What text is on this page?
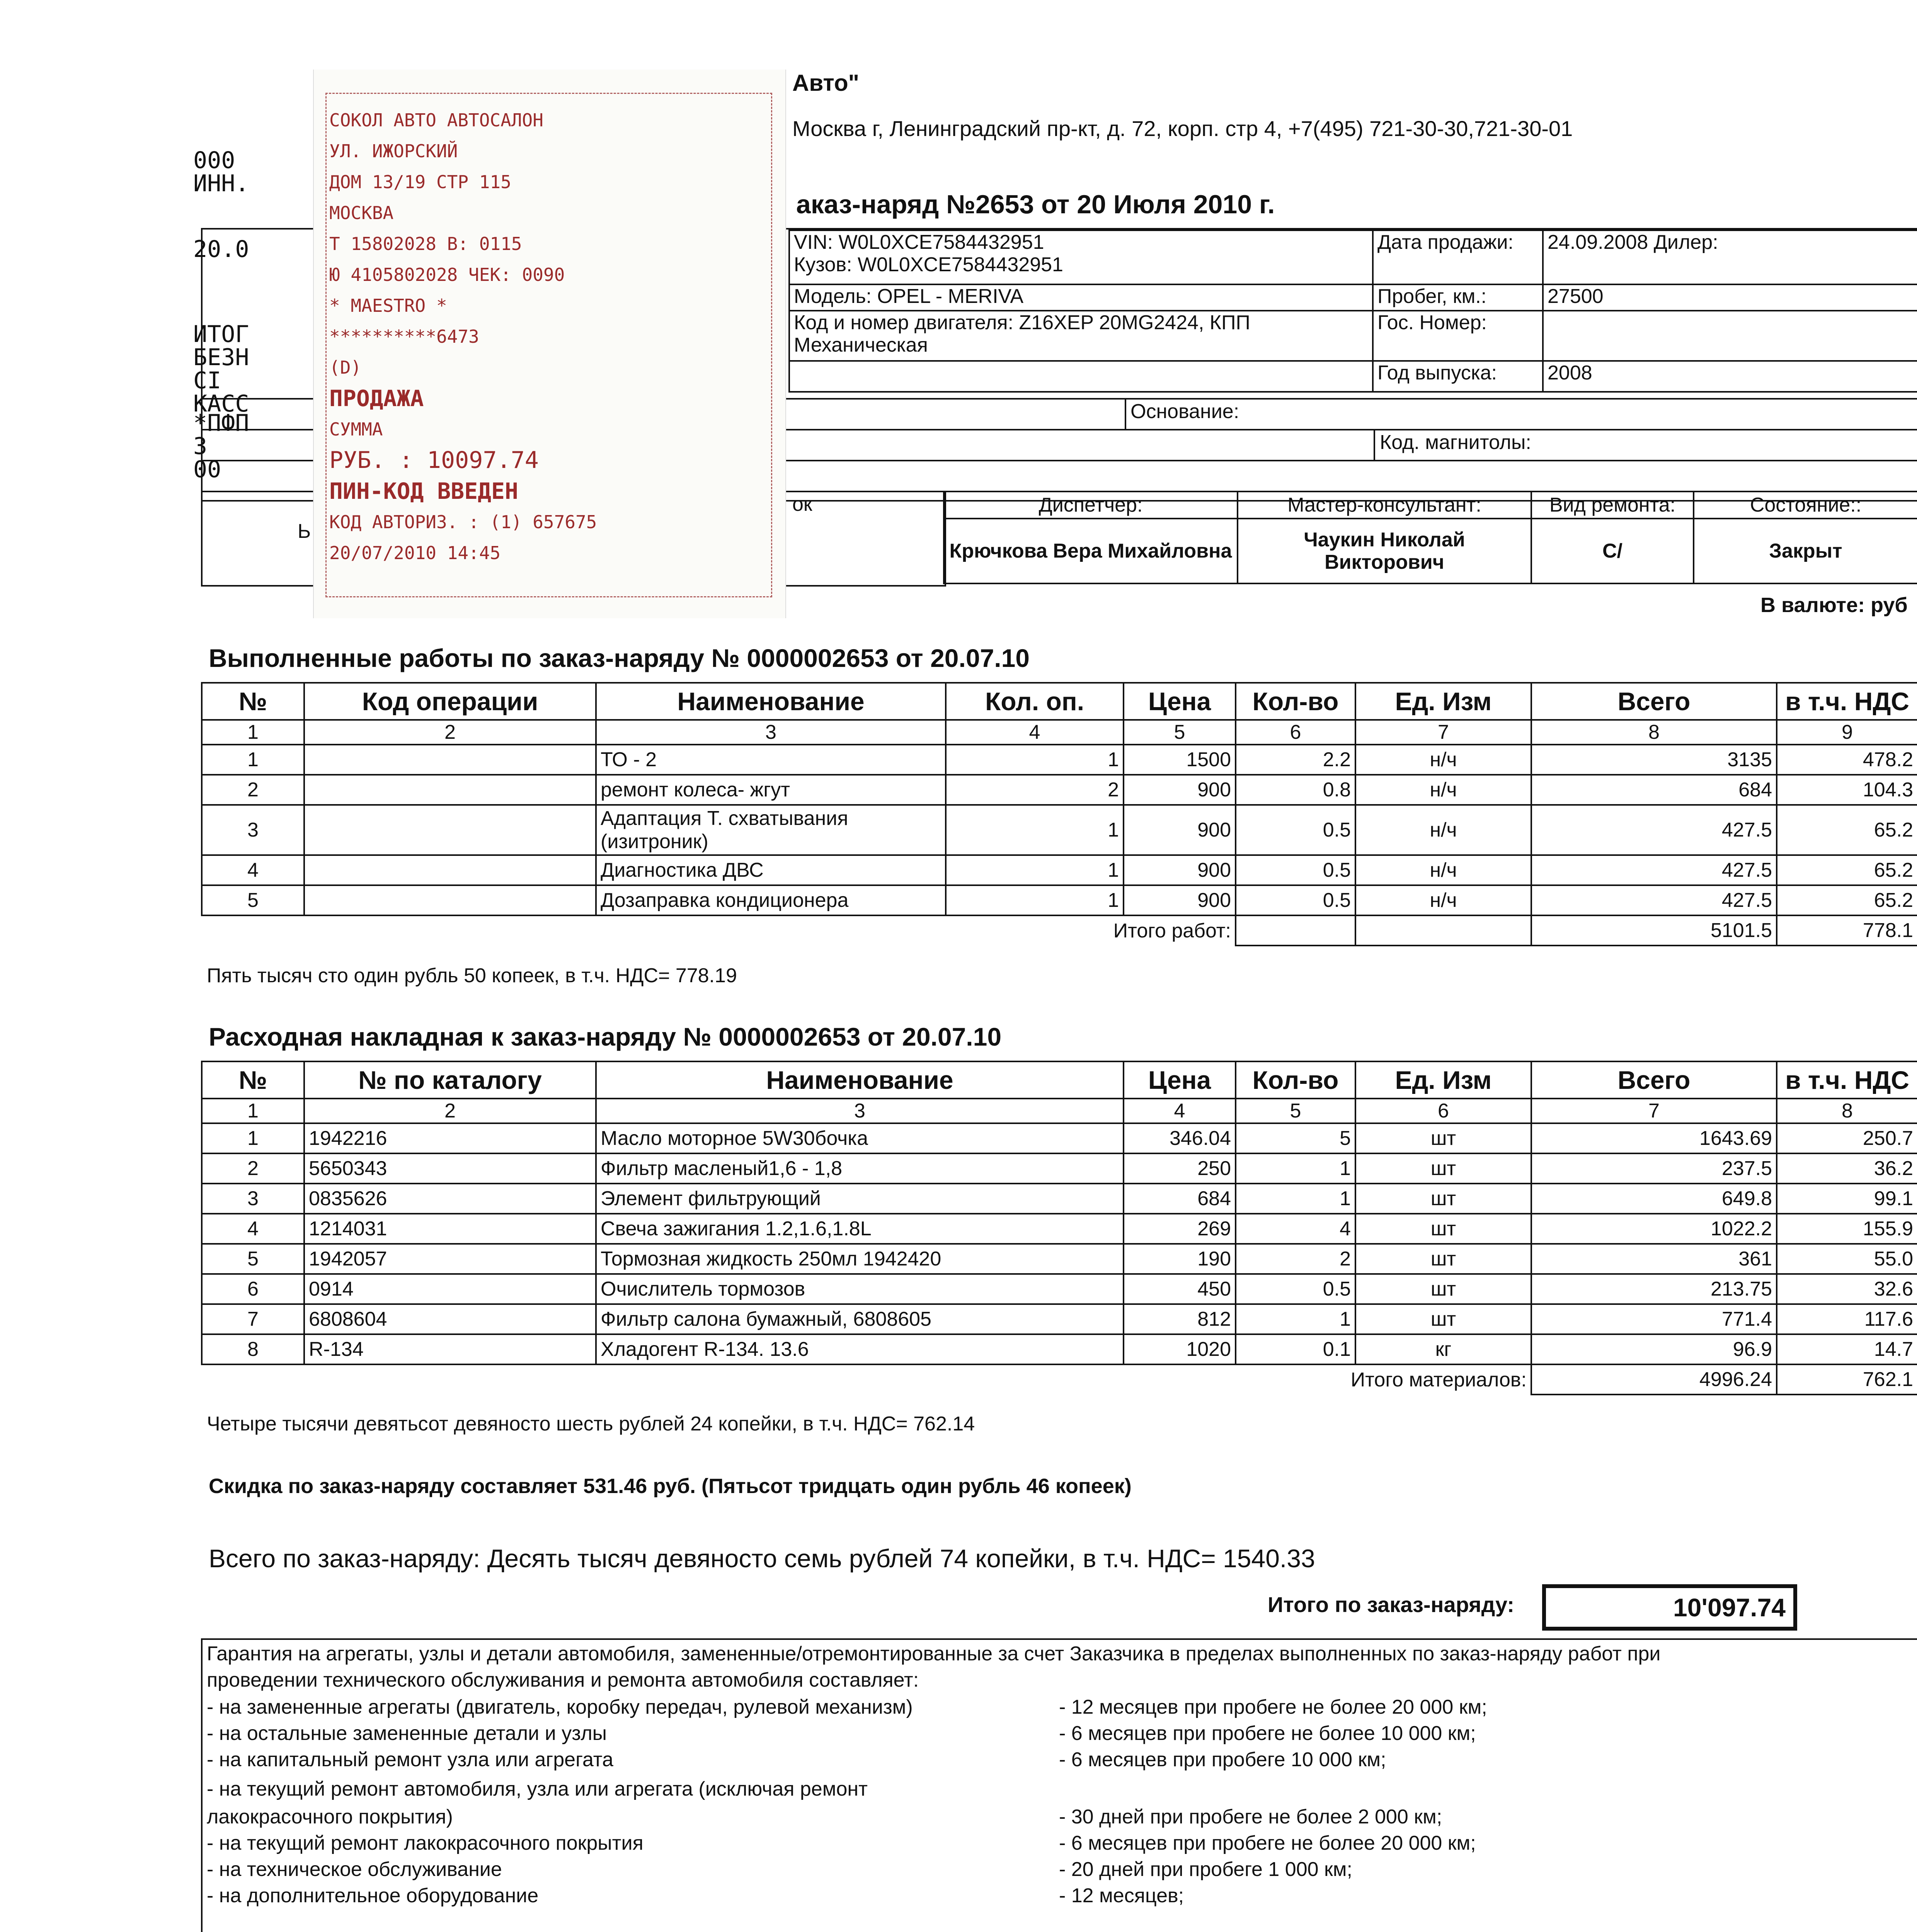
Авто"
Москва г, Ленинградский пр-кт, д. 72, корп. стр 4, +7(495) 721-30-30,721-30-01
аказ-наряд №2653 от 20 Июля 2010 г.
VIN: W0L0XCE7584432951
Кузов: W0L0XCE7584432951	Дата продажи:	24.09.2008 Дилер:
Модель: OPEL - MERIVA	Пробег, км.:	27500
Код и номер двигателя: Z16XEP 20MG2424, КПП Механическая	Гос. Номер:	
	Год выпуска:	2008
Основание:
Код. магнитолы:
ок
Ь
Диспетчер:	Мастер-консультант:	Вид ремонта:	Состояние::
Крючкова Вера Михайловна	Чаукин Николай Викторович	С/	Закрыт
В валюте: руб
Выполненные работы по заказ-наряду № 0000002653 от 20.07.10
№	Код операции	Наименование	Кол. оп.	Цена	Кол-во	Ед. Изм	Всего	в т.ч. НДС
1	2	3	4	5	6	7	8	9
1		ТО - 2	1	1500	2.2	н/ч	3135	478.2
2		ремонт колеса- жгут	2	900	0.8	н/ч	684	104.3
3		Адаптация Т. схватывания (изитроник)	1	900	0.5	н/ч	427.5	65.2
4		Диагностика ДВС	1	900	0.5	н/ч	427.5	65.2
5		Дозаправка кондиционера	1	900	0.5	н/ч	427.5	65.2
Итого работ:							5101.5	778.1
Пять тысяч сто один рубль 50 копеек, в т.ч. НДС= 778.19
Расходная накладная к заказ-наряду № 0000002653 от 20.07.10
№	№ по каталогу	Наименование	Цена	Кол-во	Ед. Изм	Всего	в т.ч. НДС
1	2	3	4	5	6	7	8
1	1942216	Масло моторное 5W30бочка	346.04	5	шт	1643.69	250.7
2	5650343	Фильтр масленый1,6 - 1,8	250	1	шт	237.5	36.2
3	0835626	Элемент фильтрующий	684	1	шт	649.8	99.1
4	1214031	Свеча зажигания 1.2,1.6,1.8L	269	4	шт	1022.2	155.9
5	1942057	Тормозная жидкость 250мл 1942420	190	2	шт	361	55.0
6	0914	Очислитель тормозов	450	0.5	шт	213.75	32.6
7	6808604	Фильтр салона бумажный, 6808605	812	1	шт	771.4	117.6
8	R-134	Хладогент R-134. 13.6	1020	0.1	кг	96.9	14.7
Итого материалов:						4996.24	762.1
Четыре тысячи девятьсот девяносто шесть рублей 24 копейки, в т.ч. НДС= 762.14
Скидка по заказ-наряду составляет 531.46 руб. (Пятьсот тридцать один рубль 46 копеек)
Всего по заказ-наряду: Десять тысяч девяносто семь рублей 74 копейки, в т.ч. НДС= 1540.33
Итого по заказ-наряду:	10'097.74
Гарантия на агрегаты, узлы и детали автомобиля, замененные/отремонтированные за счет Заказчика в пределах выполненных по заказ-наряду работ при
проведении технического обслуживания и ремонта автомобиля составляет:
- на замененные агрегаты (двигатель, коробку передач, рулевой механизм)	- 12 месяцев при пробеге не более 20 000 км;
- на остальные замененные детали и узлы	- 6 месяцев при пробеге не более 10 000 км;
- на капитальный ремонт узла или агрегата	- 6 месяцев при пробеге 10 000 км;
- на текущий ремонт автомобиля, узла или агрегата (исключая ремонт
лакокрасочного покрытия)	- 30 дней при пробеге не более 2 000 км;
- на текущий ремонт лакокрасочного покрытия	- 6 месяцев при пробеге не более 20 000 км;
- на техническое обслуживание	- 20 дней при пробеге 1 000 км;
- на дополнительное оборудование	- 12 месяцев;
СОКОЛ АВТО АВТОСАЛОН
УЛ. ИЖОРСКИЙ
ДОМ 13/19 СТР 115
МОСКВА
Т 15802028 В: 0115
Ю 4105802028 ЧЕК: 0090
* MAESTRO *
**********6473
(D)
ПРОДАЖА
СУММА
РУБ. : 10097.74
ПИН-КОД ВВЕДЕН
КОД АВТОРИЗ. : (1) 657675
20/07/2010 14:45
000
ИНН.
20.0
ИТОГ
БЕЗН
СI
КАСС
*ПФП
З
00
